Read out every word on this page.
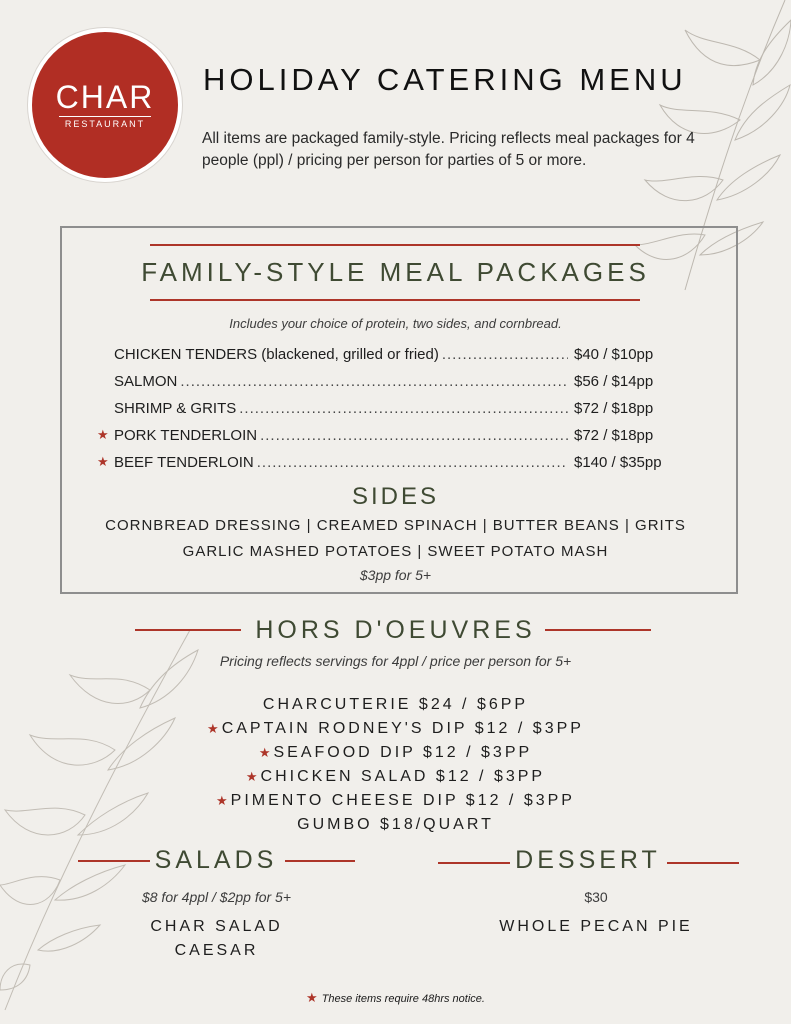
CHAR
RESTAURANT
HOLIDAY CATERING MENU

All items are packaged family-style. Pricing reflects meal packages for 4 people (ppl) / pricing per person for parties of 5 or more.

FAMILY-STYLE MEAL PACKAGES

Includes your choice of protein, two sides, and cornbread.

CHICKEN TENDERS (blackened, grilled or fried) .....	$40 / $10pp
SALMON .....	$56 / $14pp
SHRIMP & GRITS .....	$72 / $18pp
★ PORK TENDERLOIN .....	$72 / $18pp
★ BEEF TENDERLOIN .....	$140 / $35pp
SIDES

CORNBREAD DRESSING | CREAMED SPINACH | BUTTER BEANS | GRITS

GARLIC MASHED POTATOES | SWEET POTATO MASH

$3pp for 5+

HORS D'OEUVRES

Pricing reflects servings for 4ppl / price per person for 5+

CHARCUTERIE $24 / $6PP
★ CAPTAIN RODNEY'S DIP $12 / $3PP
★ SEAFOOD DIP $12 / $3PP
★ CHICKEN SALAD $12 / $3PP
★ PIMENTO CHEESE DIP $12 / $3PP
GUMBO $18/QUART
SALADS

$8 for 4ppl / $2pp for 5+

CHAR SALAD
CAESAR
DESSERT

$30

WHOLE PECAN PIE

★ These items require 48hrs notice.
